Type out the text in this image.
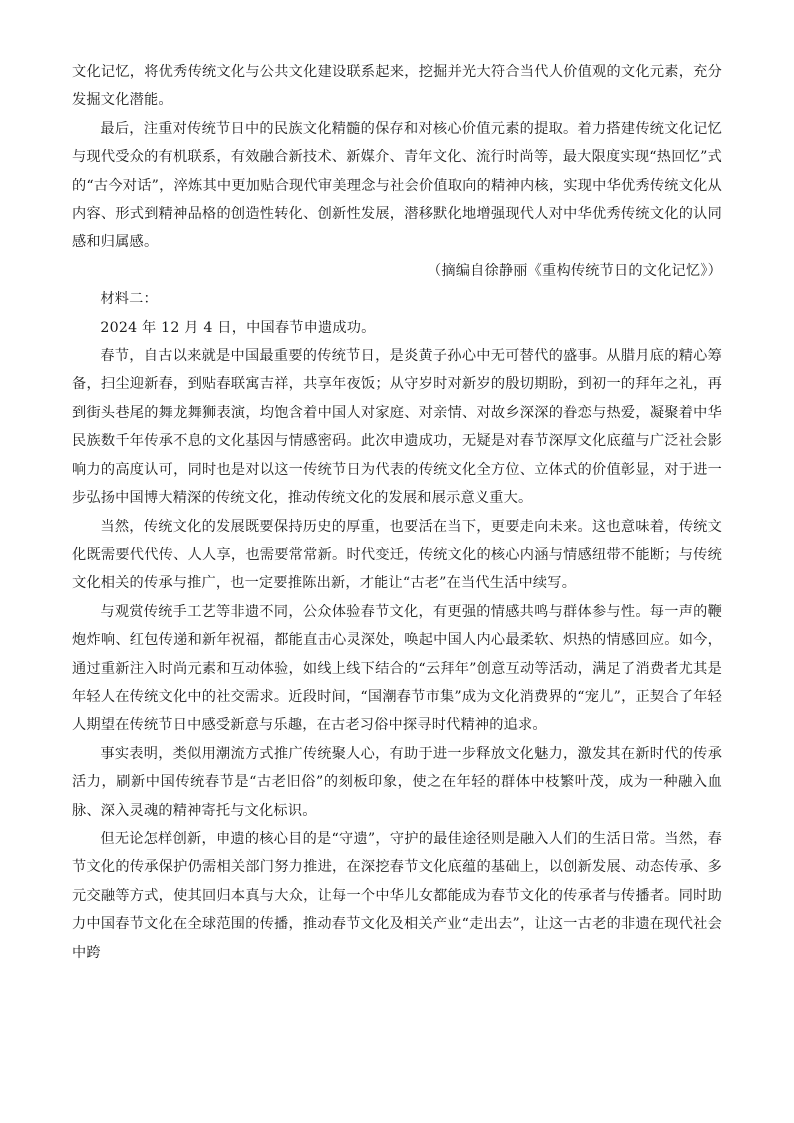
文化记忆，将优秀传统文化与公共文化建设联系起来，挖掘并光大符合当代人价值观的文化元素，充分发掘文化潜能。

最后，注重对传统节日中的民族文化精髓的保存和对核心价值元素的提取。着力搭建传统文化记忆与现代受众的有机联系，有效融合新技术、新媒介、青年文化、流行时尚等，最大限度实现“热回忆”式的“古今对话”，淬炼其中更加贴合现代审美理念与社会价值取向的精神内核，实现中华优秀传统文化从内容、形式到精神品格的创造性转化、创新性发展，潜移默化地增强现代人对中华优秀传统文化的认同感和归属感。

（摘编自徐静丽《重构传统节日的文化记忆》）

材料二：

2024 年 12 月 4 日，中国春节申遗成功。

春节，自古以来就是中国最重要的传统节日，是炎黄子孙心中无可替代的盛事。从腊月底的精心筹备，扫尘迎新春，到贴春联寓吉祥，共享年夜饭；从守岁时对新岁的殷切期盼，到初一的拜年之礼，再到街头巷尾的舞龙舞狮表演，均饱含着中国人对家庭、对亲情、对故乡深深的眷恋与热爱，凝聚着中华民族数千年传承不息的文化基因与情感密码。此次申遗成功，无疑是对春节深厚文化底蕴与广泛社会影响力的高度认可，同时也是对以这一传统节日为代表的传统文化全方位、立体式的价值彰显，对于进一步弘扬中国博大精深的传统文化，推动传统文化的发展和展示意义重大。

当然，传统文化的发展既要保持历史的厚重，也要活在当下，更要走向未来。这也意味着，传统文化既需要代代传、人人享，也需要常常新。时代变迁，传统文化的核心内涵与情感纽带不能断；与传统文化相关的传承与推广，也一定要推陈出新，才能让“古老”在当代生活中续写。

与观赏传统手工艺等非遗不同，公众体验春节文化，有更强的情感共鸣与群体参与性。每一声的鞭炮炸响、红包传递和新年祝福，都能直击心灵深处，唤起中国人内心最柔软、炽热的情感回应。如今，通过重新注入时尚元素和互动体验，如线上线下结合的“云拜年”创意互动等活动，满足了消费者尤其是年轻人在传统文化中的社交需求。近段时间，“国潮春节市集”成为文化消费界的“宠儿”，正契合了年轻人期望在传统节日中感受新意与乐趣，在古老习俗中探寻时代精神的追求。

事实表明，类似用潮流方式推广传统聚人心，有助于进一步释放文化魅力，激发其在新时代的传承活力，刷新中国传统春节是“古老旧俗”的刻板印象，使之在年轻的群体中枝繁叶茂，成为一种融入血脉、深入灵魂的精神寄托与文化标识。

但无论怎样创新，申遗的核心目的是“守遗”，守护的最佳途径则是融入人们的生活日常。当然，春节文化的传承保护仍需相关部门努力推进，在深挖春节文化底蕴的基础上，以创新发展、动态传承、多元交融等方式，使其回归本真与大众，让每一个中华儿女都能成为春节文化的传承者与传播者。同时助力中国春节文化在全球范围的传播，推动春节文化及相关产业“走出去”，让这一古老的非遗在现代社会中跨
